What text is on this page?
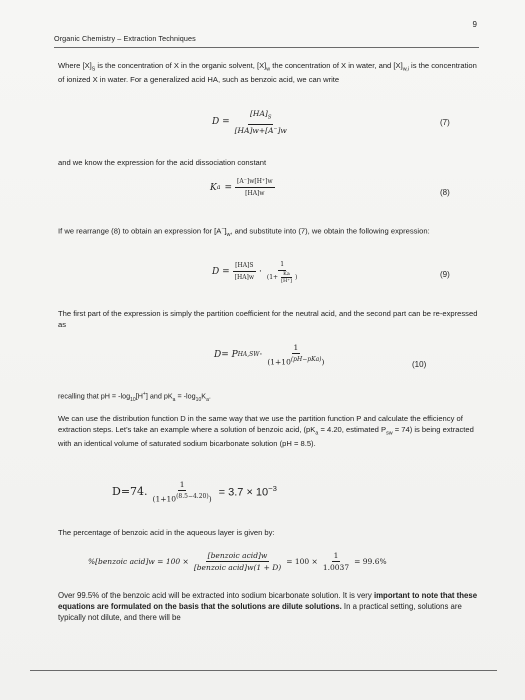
Organic Chemistry – Extraction Techniques
9
Where $[X]_S$ is the concentration of X in the organic solvent, $[X]_w$ the concentration of X in water, and $[X]_{w,i}$ is the concentration of ionized X in water. For a generalized acid HA, such as benzoic acid, we can write
$D = \frac{[HA]_S}{[HA]w+[A^-]w}$	(7)
and we know the expression for the acid dissociation constant
K $a = \frac{[A^-]w[H^+]w}{[HA]w}$	(8)
If we rearrange (8) to obtain an expression for $[A^-]_w$, and substitute into (7), we obtain the following expression:
$D = \frac{[HA]S}{[HA]w} \cdot \frac{1}{(1+ \frac{Ka}{[H^+]} )}$	(9)
The first part of the expression is simply the partition coefficient for the neutral acid, and the second part can be re-expressed as
D= P $HA,SW \cdot \frac{1}{(1+10^{(pH-pKa)})}$	(10)
recalling that pH = $-\log_{10}[H^+]$ and $pK_a = -\log_{10}K_a$.
We can use the distribution function D in the same way that we use the partition function P and calculate the efficiency of extraction steps. Let’s take an example where a solution of benzoic acid, ($pK_a = 4.20$, estimated $P_{sw} = 74$) is being extracted with an identical volume of saturated sodium bicarbonate solution (pH = 8.5).
D=74. $\frac{1}{(1+10^{(8.5-4.20)})} = 3.7 \times 10^{-3}$
The percentage of benzoic acid in the aqueous layer is given by:
%[benzoic acid]w = $100 \times \frac{\text{[benzoic acid]w}}{\text{[benzoic acid]w(1 + D)}} = 100 \times \frac{1}{1.0037} = 99.6\%$
Over 99.5% of the benzoic acid will be extracted into sodium bicarbonate solution. It is very important to note that these equations are formulated on the basis that the solutions are dilute solutions. In a practical setting, solutions are typically not dilute, and there will be
